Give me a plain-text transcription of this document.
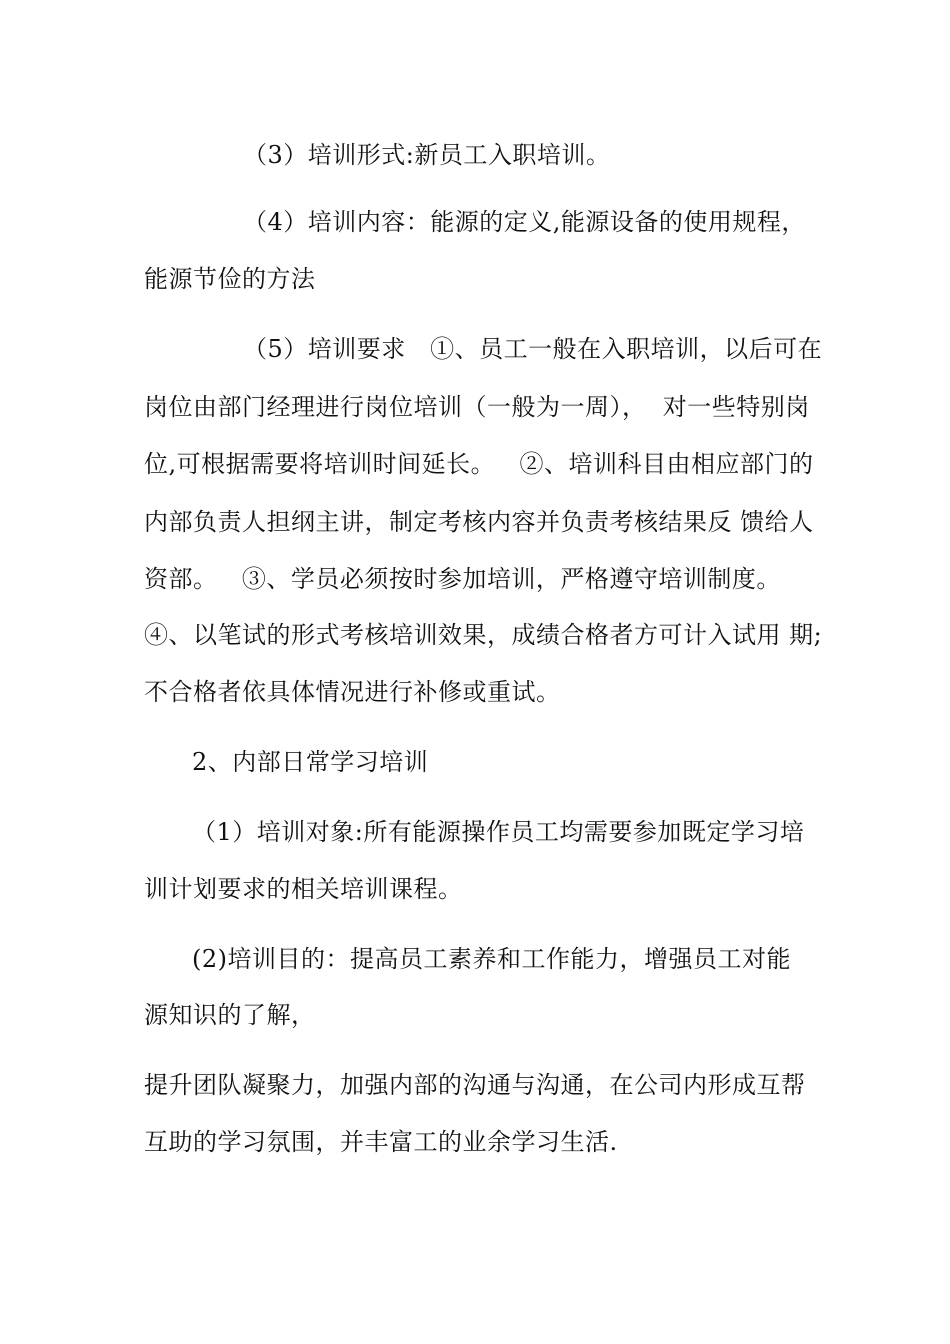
（3）培训形式:新员工入职培训。
（4）培训内容：能源的定义,能源设备的使用规程，
能源节俭的方法
（5）培训要求   ①、员工一般在入职培训，以后可在
岗位由部门经理进行岗位培训（一般为一周），  对一些特别岗
位,可根据需要将培训时间延长。   ②、培训科目由相应部门的
内部负责人担纲主讲，制定考核内容并负责考核结果反 馈给人
资部。   ③、学员必须按时参加培训，严格遵守培训制度。
④、以笔试的形式考核培训效果，成绩合格者方可计入试用 期;
不合格者依具体情况进行补修或重试。
2、内部日常学习培训
（1）培训对象:所有能源操作员工均需要参加既定学习培
训计划要求的相关培训课程。
(2)培训目的：提高员工素养和工作能力，增强员工对能
源知识的了解，
提升团队凝聚力，加强内部的沟通与沟通，在公司内形成互帮
互助的学习氛围，并丰富工的业余学习生活.
